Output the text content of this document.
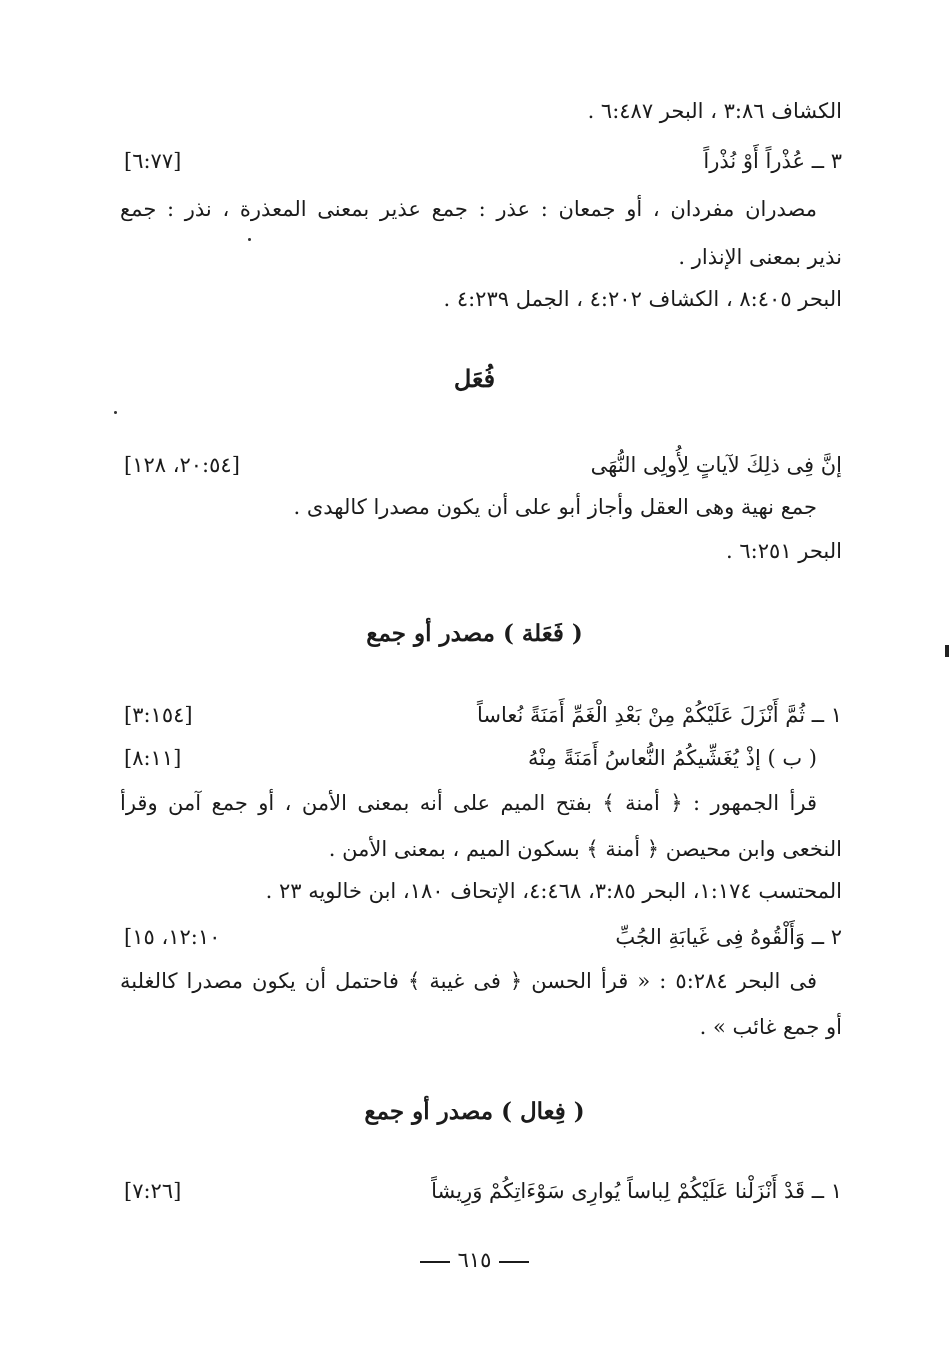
الكشاف ٣:٨٦ ، البحر ٦:٤٨٧ .
٣ ــ عُذْراً أَوْ نُذْراً
[٦:٧٧]
مصدران مفردان ، أو جمعان : عذر : جمع عذير بمعنى المعذرة ، نذر : جمع
نذير بمعنى الإنذار .
البحر ٨:٤٠٥ ، الكشاف ٤:٢٠٢ ، الجمل ٤:٢٣٩ .
فُعَل
إنَّ فِى ذلِكَ لآياتٍ لِأُولِى النُّهَى
[٢٠:٥٤، ١٢٨]
جمع نهية وهى العقل وأجاز أبو على أن يكون مصدرا كالهدى .
البحر ٦:٢٥١ .
( فَعَلة ) مصدر أو جمع
١ ــ ثُمَّ أَنْزَلَ عَلَيْكُمْ مِنْ بَعْدِ الْغَمِّ أَمَنَةً نُعاساً
[٣:١٥٤]
( ب ) إذْ يُغَشِّيكُمُ النُّعاسُ أَمَنَةً مِنْهُ
[٨:١١]
قرأ الجمهور : ﴿ أمنة ﴾ بفتح الميم على أنه بمعنى الأمن ، أو جمع آمن وقرأ
النخعى وابن محيصن ﴿ أمنة ﴾ بسكون الميم ، بمعنى الأمن .
المحتسب ١:١٧٤، البحر ٣:٨٥، ٤:٤٦٨، الإتحاف ١٨٠، ابن خالويه ٢٣ .
٢ ــ وَأَلْقُوهُ فِى غَيابَةِ الجُبِّ
[١٢:١٠، ١٥
فى البحر ٥:٢٨٤ : « قرأ الحسن ﴿ فى غيبة ﴾ فاحتمل أن يكون مصدرا كالغلبة
أو جمع غائب » .
( فِعال ) مصدر أو جمع
١ ــ قَدْ أَنْزَلْنا عَلَيْكُمْ لِباساً يُوارِى سَوْءَاتِكُمْ وَرِيشاً
[٧:٢٦]
٦١٥
